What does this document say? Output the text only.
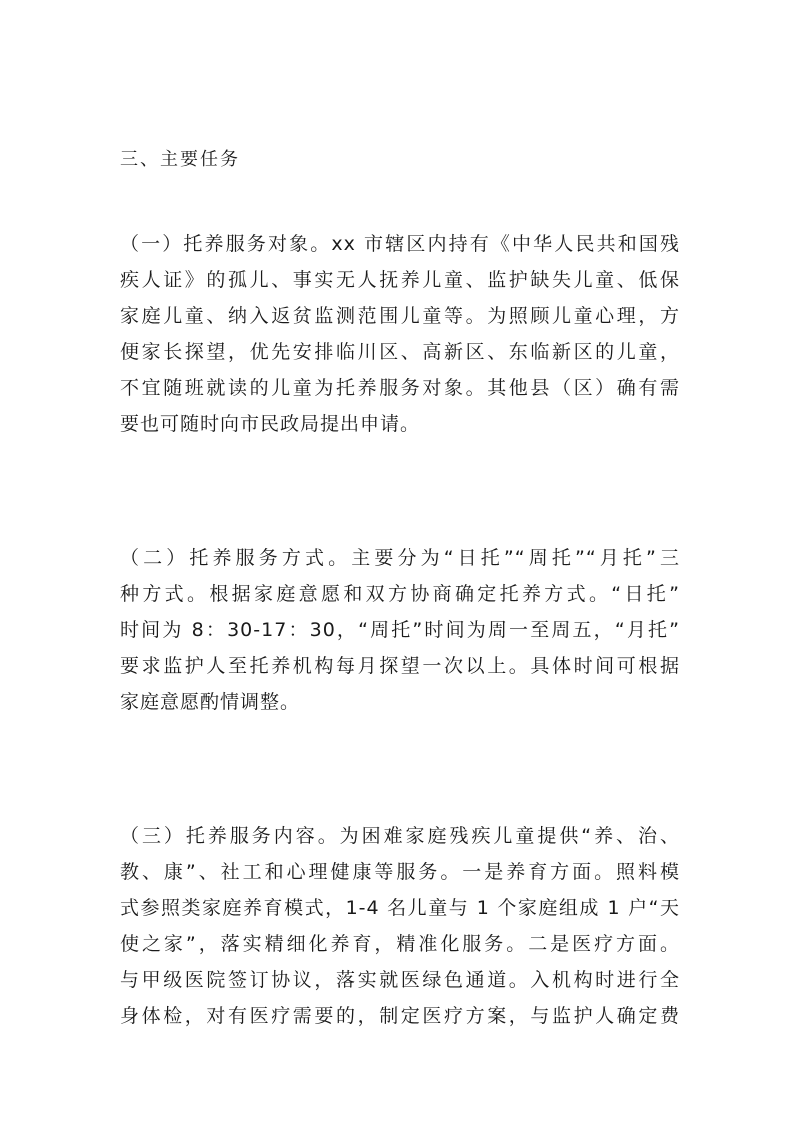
三、主要任务
（一）托养服务对象。xx 市辖区内持有《中华人民共和国残
疾人证》的孤儿、事实无人抚养儿童、监护缺失儿童、低保
家庭儿童、纳入返贫监测范围儿童等。为照顾儿童心理，方
便家长探望，优先安排临川区、高新区、东临新区的儿童，
不宜随班就读的儿童为托养服务对象。其他县（区）确有需
要也可随时向市民政局提出申请。
（二）托养服务方式。主要分为“日托”“周托”“月托”三
种方式。根据家庭意愿和双方协商确定托养方式。“日托”
时间为 8：30-17：30，“周托”时间为周一至周五，“月托”
要求监护人至托养机构每月探望一次以上。具体时间可根据
家庭意愿酌情调整。
（三）托养服务内容。为困难家庭残疾儿童提供“养、治、
教、康”、社工和心理健康等服务。一是养育方面。照料模
式参照类家庭养育模式，1-4 名儿童与 1 个家庭组成 1 户“天
使之家”，落实精细化养育，精准化服务。二是医疗方面。
与甲级医院签订协议，落实就医绿色通道。入机构时进行全
身体检，对有医疗需要的，制定医疗方案，与监护人确定费
